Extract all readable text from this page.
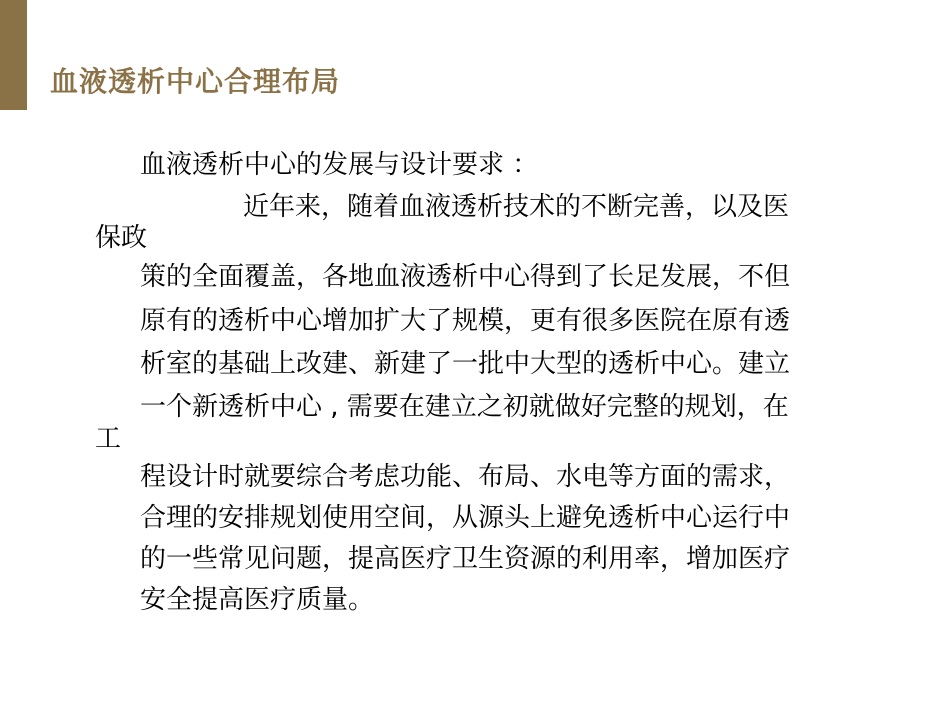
血液透析中心合理布局
血液透析中心的发展与设计要求 ：
近年来，随着血液透析技术的不断完善，以及医
保政
策的全面覆盖，各地血液透析中心得到了长足发展，不但
原有的透析中心增加扩大了规模，更有很多医院在原有透
析室的基础上改建、新建了一批中大型的透析中心。建立
一个新透析中心 , 需要在建立之初就做好完整的规划，在
工
程设计时就要综合考虑功能、布局、水电等方面的需求，
合理的安排规划使用空间，从源头上避免透析中心运行中
的一些常见问题，提高医疗卫生资源的利用率，增加医疗
安全提高医疗质量。
